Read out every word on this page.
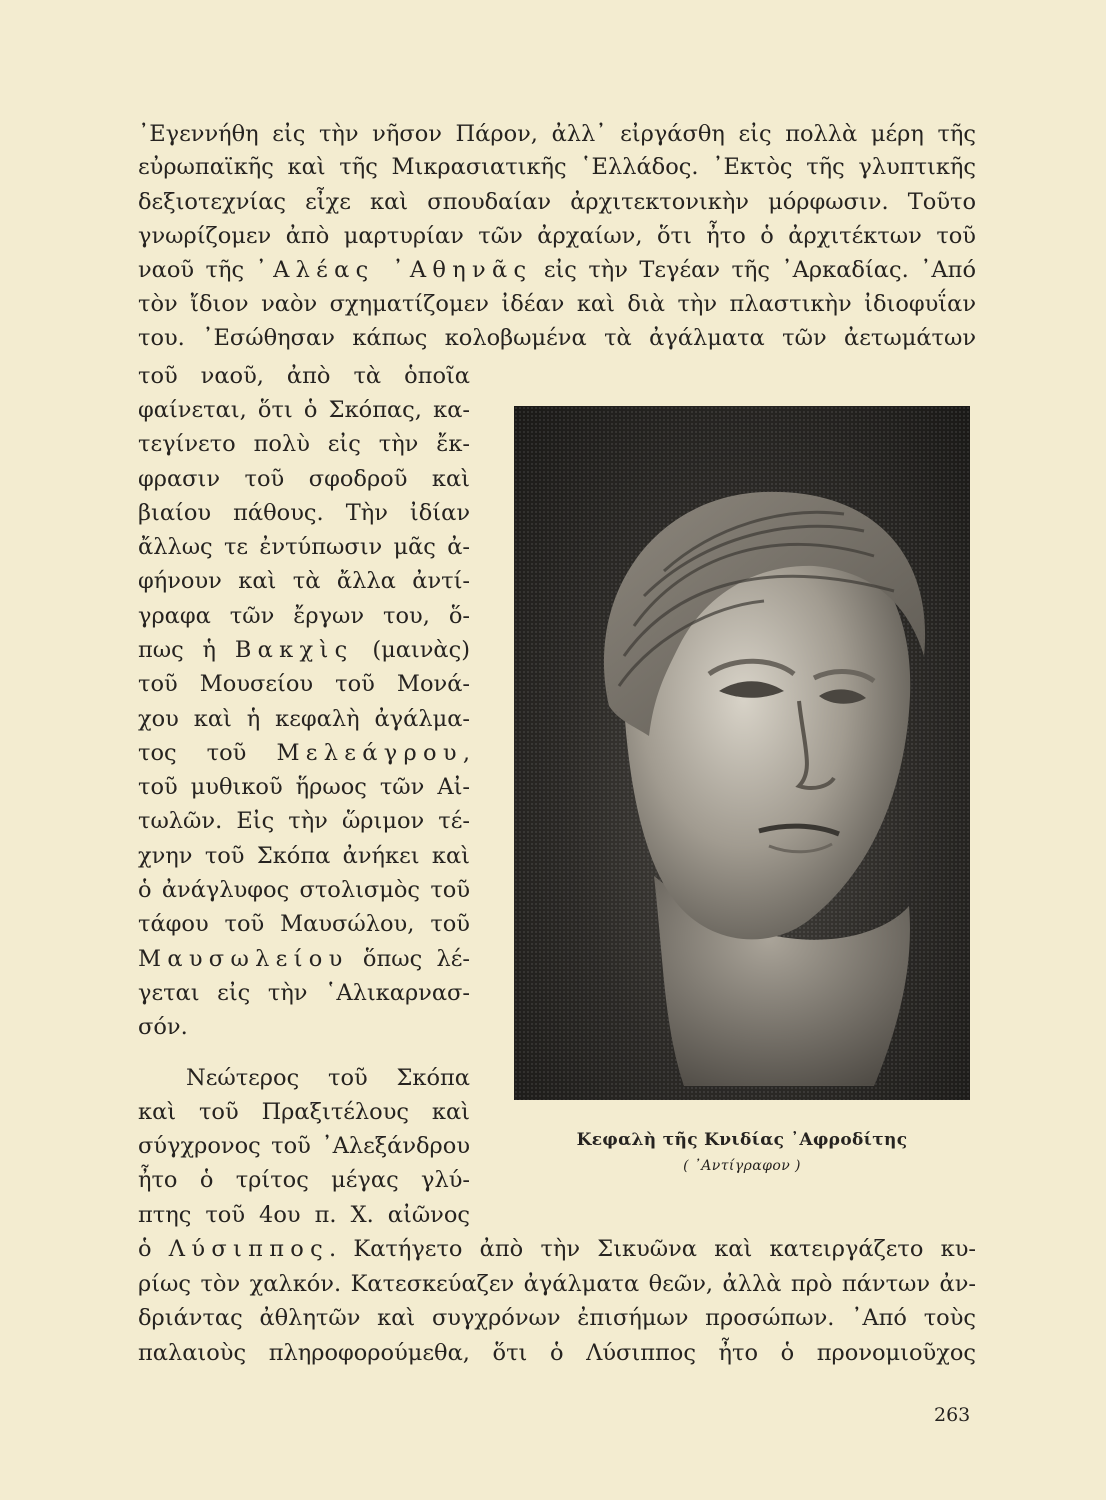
᾿Εγεννήθη εἰς τὴν νῆσον Πάρον, ἀλλ᾿ εἰργάσθη εἰς πολλὰ μέρη τῆς
εὐρωπαϊκῆς καὶ τῆς Μικρασιατικῆς ῾Ελλάδος. ᾿Εκτὸς τῆς γλυπτικῆς
δεξιοτεχνίας εἶχε καὶ σπουδαίαν ἀρχιτεκτονικὴν μόρφωσιν. Τοῦτο
γνωρίζομεν ἀπὸ μαρτυρίαν τῶν ἀρχαίων, ὅτι ἦτο ὁ ἀρχιτέκτων τοῦ
ναοῦ τῆς ᾿Αλέας ᾿Αθηνᾶς εἰς τὴν Τεγέαν τῆς ᾿Αρκαδίας. ᾿Από
τὸν ἴδιον ναὸν σχηματίζομεν ἰδέαν καὶ διὰ τὴν πλαστικὴν ἰδιοφυΐαν
του. ᾿Εσώθησαν κάπως κολοβωμένα τὰ ἀγάλματα τῶν ἀετωμάτων
τοῦ ναοῦ, ἀπὸ τὰ ὁποῖα
φαίνεται, ὅτι ὁ Σκόπας, κα-
τεγίνετο πολὺ εἰς τὴν ἔκ-
φρασιν τοῦ σφοδροῦ καὶ
βιαίου πάθους. Τὴν ἰδίαν
ἄλλως τε ἐντύπωσιν μᾶς ἀ-
φήνουν καὶ τὰ ἄλλα ἀντί-
γραφα τῶν ἔργων του, ὅ-
πως ἡ Βακχὶς (μαινὰς)
τοῦ Μουσείου τοῦ Μονά-
χου καὶ ἡ κεφαλὴ ἀγάλμα-
τος τοῦ Μελεάγρου,
τοῦ μυθικοῦ ἥρωος τῶν Αἰ-
τωλῶν. Εἰς τὴν ὥριμον τέ-
χνην τοῦ Σκόπα ἀνήκει καὶ
ὁ ἀνάγλυφος στολισμὸς τοῦ
τάφου τοῦ Μαυσώλου, τοῦ
Μαυσωλείου ὅπως λέ-
γεται εἰς τὴν ῾Αλικαρνασ-
σόν.
Νεώτερος τοῦ Σκόπα
καὶ τοῦ Πραξιτέλους καὶ
σύγχρονος τοῦ ᾿Αλεξάνδρου
ἦτο ὁ τρίτος μέγας γλύ-
πτης τοῦ 4ου π. Χ. αἰῶνος
ὁ Λύσιππος. Κατήγετο ἀπὸ τὴν Σικυῶνα καὶ κατειργάζετο κυ-
ρίως τὸν χαλκόν. Κατεσκεύαζεν ἀγάλματα θεῶν, ἀλλὰ πρὸ πάντων ἀν-
δριάντας ἀθλητῶν καὶ συγχρόνων ἐπισήμων προσώπων. ᾿Από τοὺς
παλαιοὺς πληροφορούμεθα, ὅτι ὁ Λύσιππος ἦτο ὁ προνομιοῦχος
Κεφαλὴ τῆς Κνιδίας ᾿Αφροδίτης
( ᾿Αντίγραφον )
263
